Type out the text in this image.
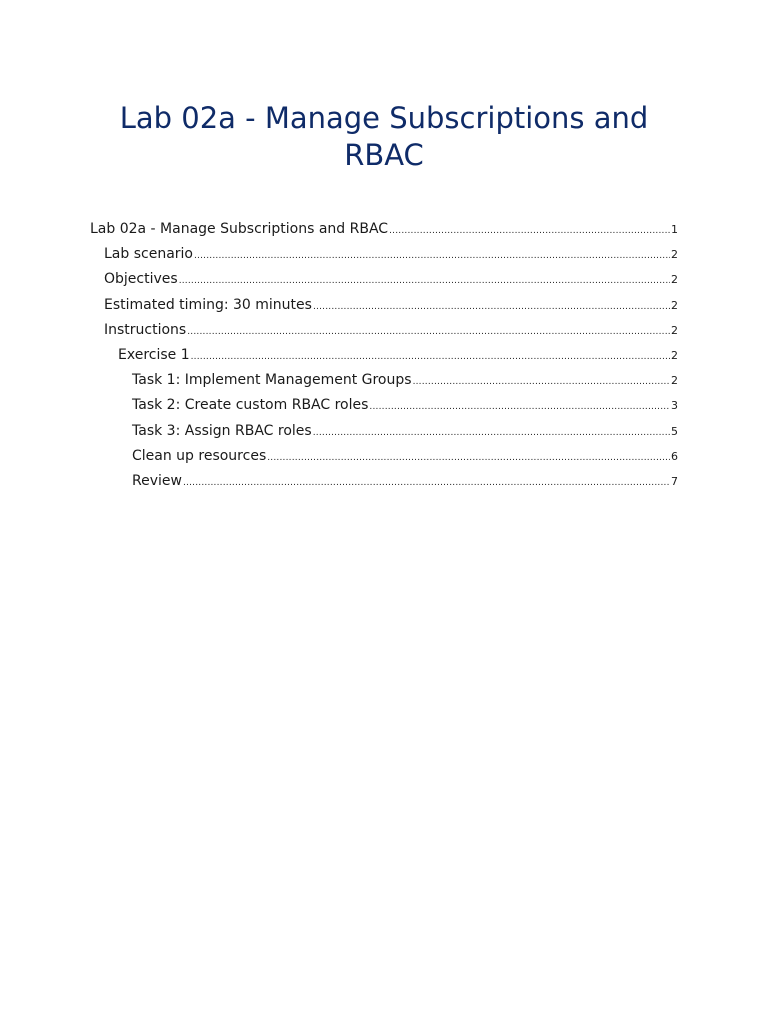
Lab 02a - Manage Subscriptions and RBAC
Lab 02a - Manage Subscriptions and RBAC .....	1
Lab scenario .....	2
Objectives .....	2
Estimated timing: 30 minutes .....	2
Instructions .....	2
Exercise 1 .....	2
Task 1: Implement Management Groups .....	2
Task 2: Create custom RBAC roles .....	3
Task 3: Assign RBAC roles .....	5
Clean up resources .....	6
Review .....	7
